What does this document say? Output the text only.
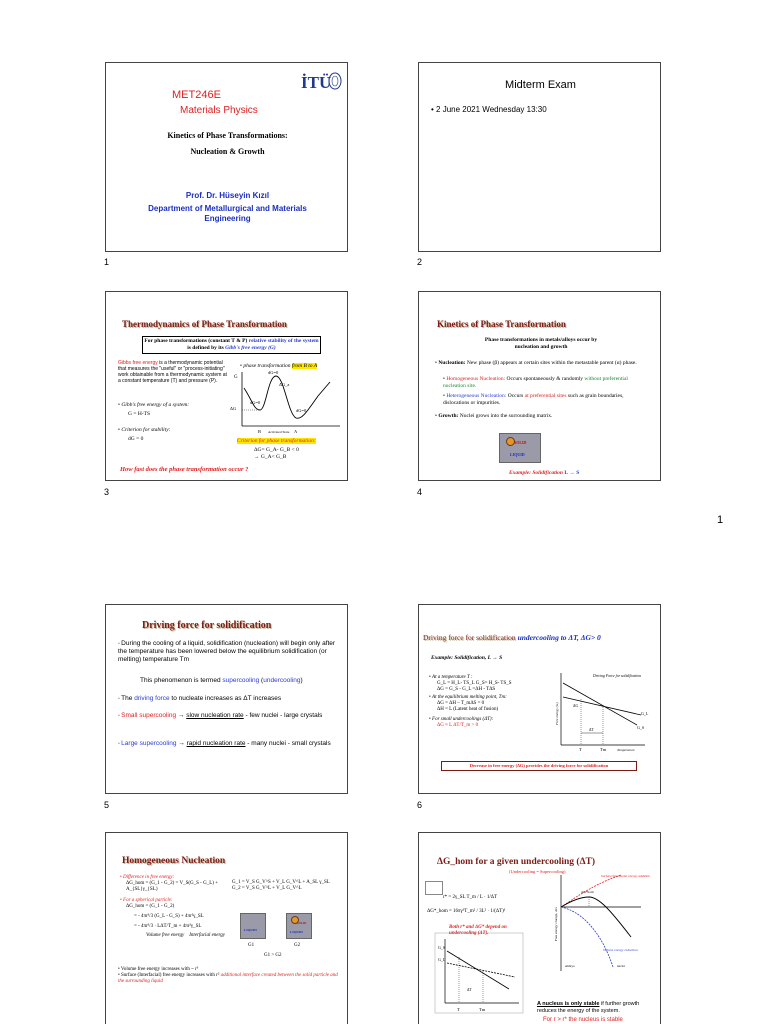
MET246E
Materials Physics
İTÜ
Kinetics of Phase Transformations:
Nucleation & Growth
Prof. Dr. Hüseyin Kızıl
Department of Metallurgical and Materials Engineering
1
Midterm Exam
• 2 June 2021 Wednesday 13:30
2
Thermodynamics of Phase Transformation
For phase transformations (constant T & P) relative stability of the system is defined by its Gibb's free energy (G)
Gibbs free energy is a thermodynamic potential that measures the "useful" or "process-initiating" work obtainable from a thermodynamic system at a constant temperature (T) and pressure (P).
• Gibb's free energy of a system:
G = H-TS
• Criterion for stability:
dG = 0
• phase transformation from B to A
G
ΔG
ΔG_a
dG=0
dG=0
dG=0
B Activated State A
Criterion for phase transformation:
ΔG= G_A- G_B < 0
→ G_A< G_B
How fast does the phase transformation occur ?
3
Kinetics of Phase Transformation
Phase transformations in metals/alloys occur by nucleation and growth
• Nucleation: New phase (β) appears at certain sites within the metastable parent (α) phase.
• Homogeneous Nucleation: Occurs spontaneously & randomly without preferential nucleation site.
• Heterogeneous Nucleation: Occurs at preferential sites such as grain boundaries, dislocations or impurities.
• Growth: Nuclei grows into the surrounding matrix.
SOLID
LIQUID
Example: Solidification L → S
4
1
Driving force for solidification
▫ During the cooling of a liquid, solidification (nucleation) will begin only after the temperature has been lowered below the equilibrium solidification (or melting) temperature Tm
This phenomenon is termed supercooling (undercooling)
▫ The driving force to nucleate increases as ΔT increases
▫ Small supercooling → slow nucleation rate - few nuclei - large crystals
▫ Large supercooling → rapid nucleation rate - many nuclei - small crystals
5
Driving force for solidification undercooling to ΔT, ΔG> 0
Example: Solidification, L → S
• At a temperature T :
G_L = H_L- TS_L G_S= H_S- TS_S
ΔG = G_S - G_L =ΔH - TΔS
• At the equilibrium melting point, Tm:
ΔG = ΔH – T_mΔS = 0
ΔH = L (Latent heat of fusion)
• For small undercoolings (ΔT):
ΔG ≈ L ΔT/T_m > 0
Driving Force for solidification
G_S
G_L
ΔG
ΔT
T	Tm	Temperature
Free energy (G)
Decrease in free energy (ΔG) provides the driving force for solidification
6
Homogeneous Nucleation
• Difference in free energy:
ΔG_hom = (G_1 - G_2) = V_S(G_S - G_L) + A_{SL}γ_{SL}
• For a spherical particle:
ΔG_hom = (G_1 - G_2)
= - 4πr³/3 (G_L - G_S) + 4πr²γ_SL
= - 4πr³/3 · LΔT/T_m + 4πr²γ_SL
Volume free energy Interfacial energy
G_1 = V_S G_V^S + V_L G_V^L + A_SL γ_SL
G_2 = V_S G_V^L + V_L G_V^L
LIQUID
SOLID
LIQUID
G1	G2
G1 > G2
• Volume free energy increases with ~ r³
• Surface (Interfacial) free energy increases with r² additional interface created between the solid particle and the surrounding liquid
ΔG_hom for a given undercooling (ΔT)
(Undercooling = Supercooling)
r* = 2γ_SL T_m / L · 1/ΔT
ΔG*_hom = 16πγ³T_m² / 3L² · 1/(ΔT)²
Both r* and ΔG* depend on undercooling (ΔT).
Surface/interfacial energy addition
ΔG*hom
Volume energy reduction
embryo	nuclei
Free energy change, ΔG
G_S
G_L
ΔT
T	Tm
A nucleus is only stable if further growth reduces the energy of the system.
For r > r* the nucleus is stable
